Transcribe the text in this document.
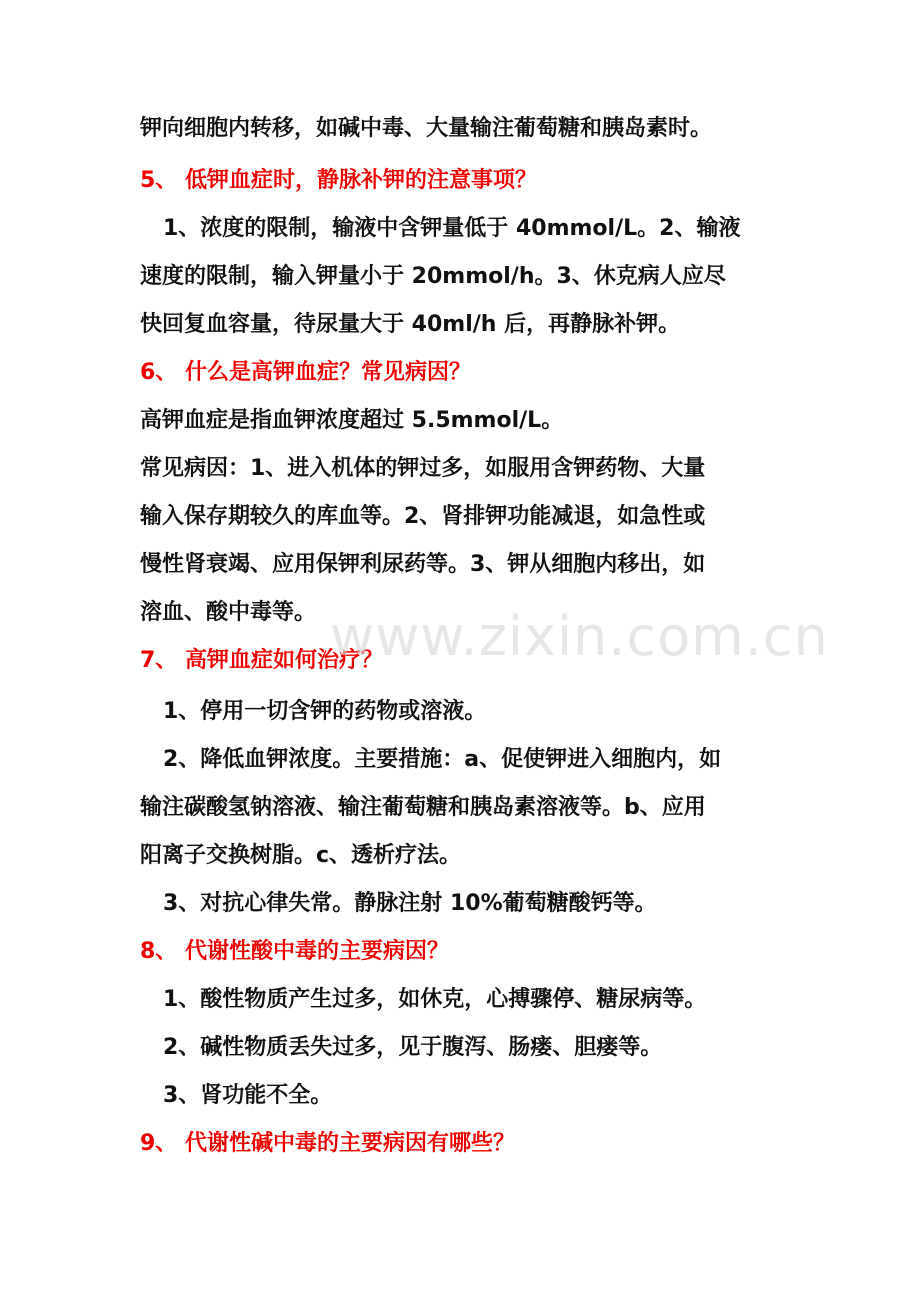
钾向细胞内转移，如碱中毒、大量输注葡萄糖和胰岛素时。
5、 低钾血症时，静脉补钾的注意事项？
1、浓度的限制，输液中含钾量低于 40mmol/L。2、输液
速度的限制，输入钾量小于 20mmol/h。3、休克病人应尽
快回复血容量，待尿量大于 40ml/h 后，再静脉补钾。
6、 什么是高钾血症？常见病因？
高钾血症是指血钾浓度超过 5.5mmol/L。
常见病因：1、进入机体的钾过多，如服用含钾药物、大量
输入保存期较久的库血等。2、肾排钾功能减退，如急性或
慢性肾衰竭、应用保钾利尿药等。3、钾从细胞内移出，如
溶血、酸中毒等。
7、 高钾血症如何治疗？
1、停用一切含钾的药物或溶液。
2、降低血钾浓度。主要措施：a、促使钾进入细胞内，如
输注碳酸氢钠溶液、输注葡萄糖和胰岛素溶液等。b、应用
阳离子交换树脂。c、透析疗法。
3、对抗心律失常。静脉注射 10%葡萄糖酸钙等。
8、 代谢性酸中毒的主要病因？
1、酸性物质产生过多，如休克，心搏骤停、糖尿病等。
2、碱性物质丢失过多，见于腹泻、肠瘘、胆瘘等。
3、肾功能不全。
9、 代谢性碱中毒的主要病因有哪些？
www.zixin.com.cn
